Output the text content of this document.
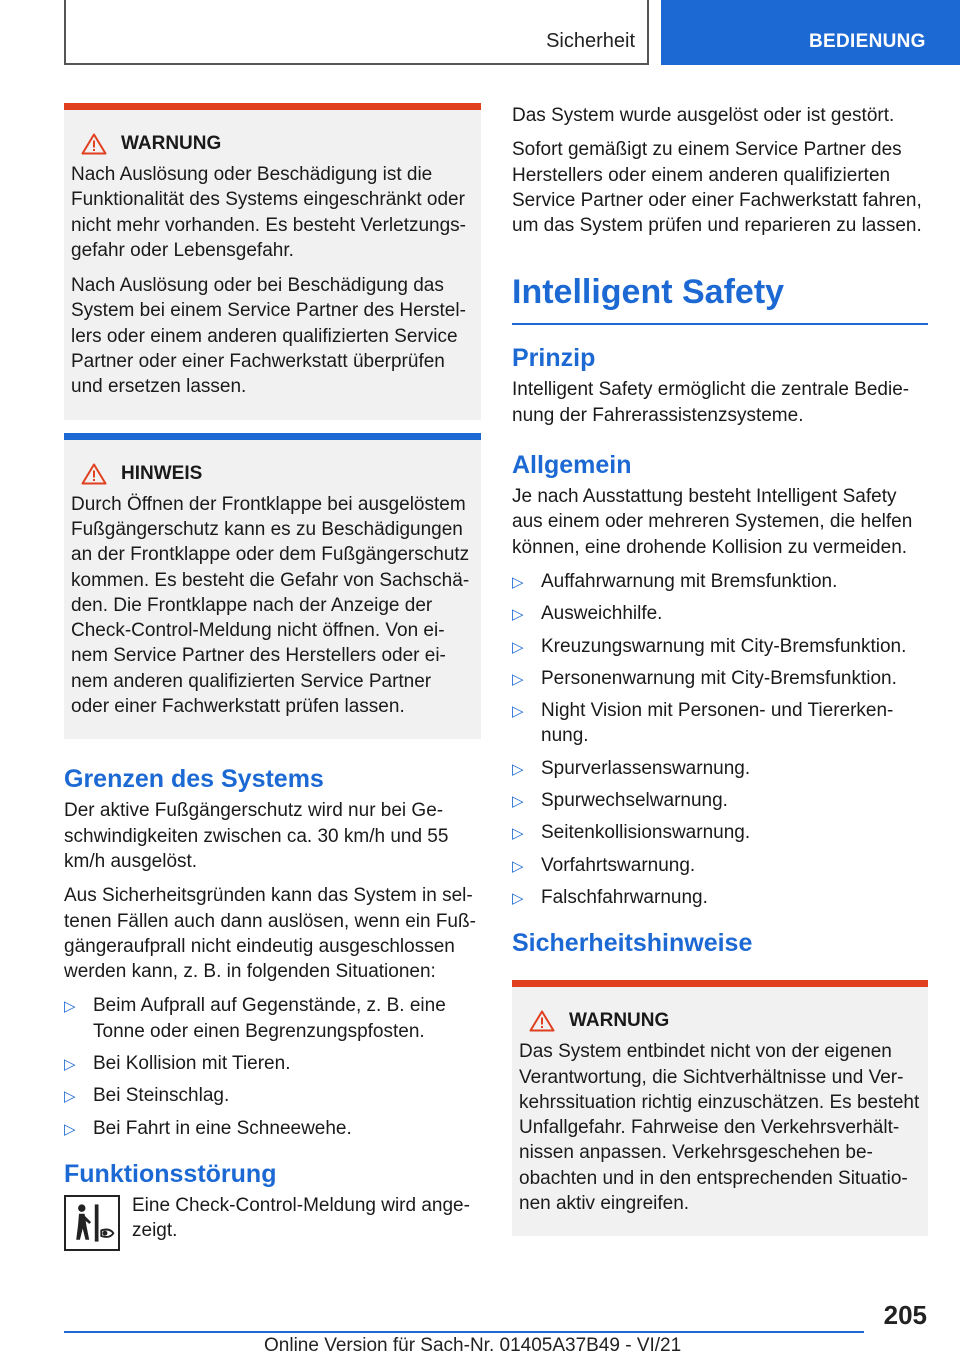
Sicherheit	BEDIENUNG
WARNUNG

Nach Auslösung oder Beschädigung ist die Funktionalität des Systems eingeschränkt oder nicht mehr vorhanden. Es besteht Verletzungs-gefahr oder Lebensgefahr.

Nach Auslösung oder bei Beschädigung das System bei einem Service Partner des Herstel-lers oder einem anderen qualifizierten Service Partner oder einer Fachwerkstatt überprüfen und ersetzen lassen.

HINWEIS

Durch Öffnen der Frontklappe bei ausgelöstem Fußgängerschutz kann es zu Beschädigungen an der Frontklappe oder dem Fußgängerschutz kommen. Es besteht die Gefahr von Sachschä-den. Die Frontklappe nach der Anzeige der Check-Control-Meldung nicht öffnen. Von ei-nem Service Partner des Herstellers oder ei-nem anderen qualifizierten Service Partner oder einer Fachwerkstatt prüfen lassen.

Grenzen des Systems

Der aktive Fußgängerschutz wird nur bei Ge-schwindigkeiten zwischen ca. 30 km/h und 55 km/h ausgelöst.

Aus Sicherheitsgründen kann das System in sel-tenen Fällen auch dann auslösen, wenn ein Fuß-gängeraufprall nicht eindeutig ausgeschlossen werden kann, z. B. in folgenden Situationen:

▷ Beim Aufprall auf Gegenstände, z. B. eine Tonne oder einen Begrenzungspfosten.
▷ Bei Kollision mit Tieren.
▷ Bei Steinschlag.
▷ Bei Fahrt in eine Schneewehe.
Funktionsstörung

Eine Check-Control-Meldung wird ange-zeigt.

Das System wurde ausgelöst oder ist gestört.

Sofort gemäßigt zu einem Service Partner des Herstellers oder einem anderen qualifizierten Service Partner oder einer Fachwerkstatt fahren, um das System prüfen und reparieren zu lassen.

Intelligent Safety
Prinzip

Intelligent Safety ermöglicht die zentrale Bedie-nung der Fahrerassistenzsysteme.

Allgemein

Je nach Ausstattung besteht Intelligent Safety aus einem oder mehreren Systemen, die helfen können, eine drohende Kollision zu vermeiden.

▷ Auffahrwarnung mit Bremsfunktion.
▷ Ausweichhilfe.
▷ Kreuzungswarnung mit City-Bremsfunktion.
▷ Personenwarnung mit City-Bremsfunktion.
▷ Night Vision mit Personen- und Tiererken-nung.
▷ Spurverlassenswarnung.
▷ Spurwechselwarnung.
▷ Seitenkollisionswarnung.
▷ Vorfahrtswarnung.
▷ Falschfahrwarnung.
Sicherheitshinweise
WARNUNG

Das System entbindet nicht von der eigenen Verantwortung, die Sichtverhältnisse und Ver-kehrssituation richtig einzuschätzen. Es besteht Unfallgefahr. Fahrweise den Verkehrsverhält-nissen anpassen. Verkehrsgeschehen be-obachten und in den entsprechenden Situatio-nen aktiv eingreifen.

205
Online Version für Sach-Nr. 01405A37B49 - VI/21
